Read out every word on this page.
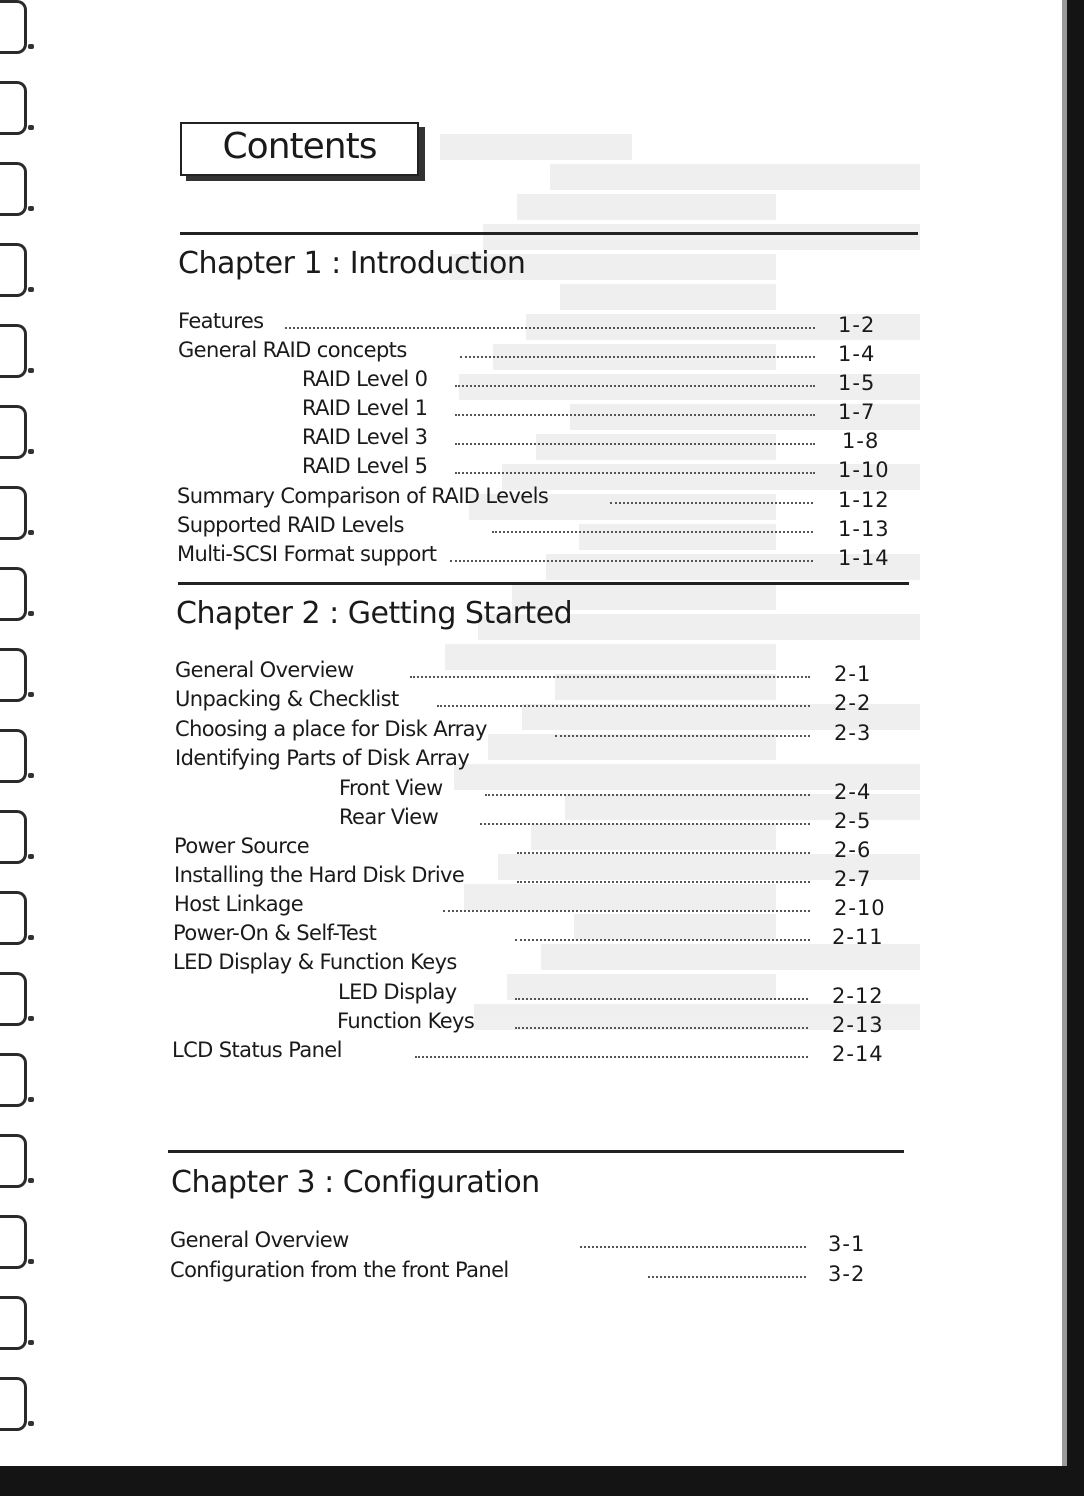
Contents
Chapter 1 : Introduction
Features	1-2
General RAID concepts	1-4
RAID Level 0	1-5
RAID Level 1	1-7
RAID Level 3	1-8
RAID Level 5	1-10
Summary Comparison of RAID Levels	1-12
Supported RAID Levels	1-13
Multi-SCSI Format support	1-14
Chapter 2 : Getting Started
General Overview	2-1
Unpacking & Checklist	2-2
Choosing a place for Disk Array	2-3
Identifying Parts of Disk Array
Front View	2-4
Rear View	2-5
Power Source	2-6
Installing the Hard Disk Drive	2-7
Host Linkage	2-10
Power-On & Self-Test	2-11
LED Display & Function Keys
LED Display	2-12
Function Keys	2-13
LCD Status Panel	2-14
Chapter 3 : Configuration
General Overview	3-1
Configuration from the front Panel	3-2
